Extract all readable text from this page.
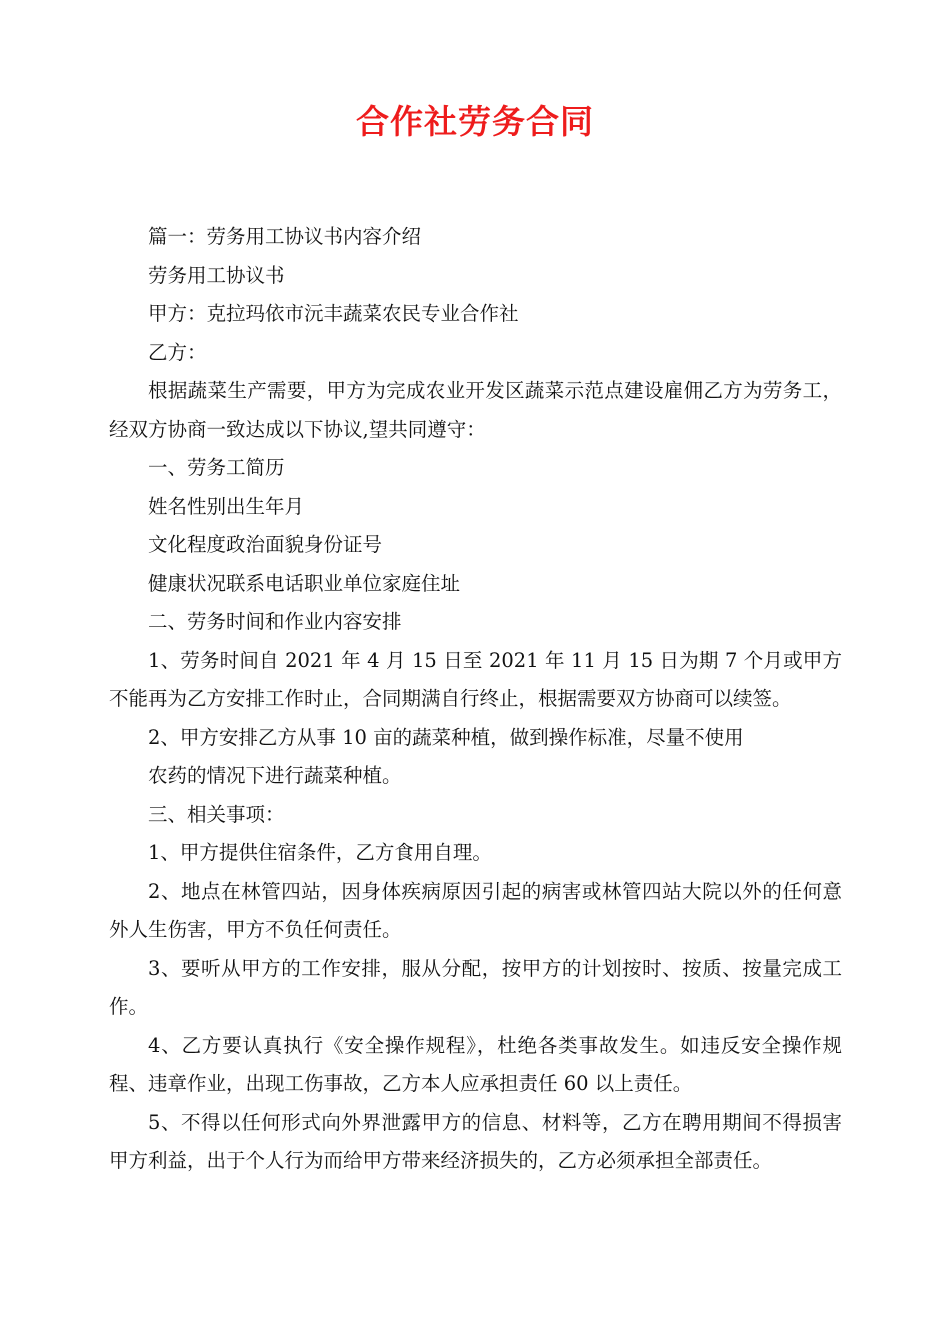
合作社劳务合同

篇一：劳务用工协议书内容介绍

劳务用工协议书

甲方：克拉玛依市沅丰蔬菜农民专业合作社

乙方：

根据蔬菜生产需要，甲方为完成农业开发区蔬菜示范点建设雇佣乙方为劳务工，经双方协商一致达成以下协议,望共同遵守：

一、劳务工简历

姓名性别出生年月

文化程度政治面貌身份证号

健康状况联系电话职业单位家庭住址

二、劳务时间和作业内容安排

1、劳务时间自 2021 年 4 月 15 日至 2021 年 11 月 15 日为期 7 个月或甲方不能再为乙方安排工作时止，合同期满自行终止，根据需要双方协商可以续签。

2、甲方安排乙方从事 10 亩的蔬菜种植，做到操作标准，尽量不使用

农药的情况下进行蔬菜种植。

三、相关事项：

1、甲方提供住宿条件，乙方食用自理。

2、地点在林管四站，因身体疾病原因引起的病害或林管四站大院以外的任何意外人生伤害，甲方不负任何责任。

3、要听从甲方的工作安排，服从分配，按甲方的计划按时、按质、按量完成工作。

4、乙方要认真执行《安全操作规程》，杜绝各类事故发生。如违反安全操作规程、违章作业，出现工伤事故，乙方本人应承担责任 60 以上责任。

5、不得以任何形式向外界泄露甲方的信息、材料等，乙方在聘用期间不得损害甲方利益，出于个人行为而给甲方带来经济损失的，乙方必须承担全部责任。
